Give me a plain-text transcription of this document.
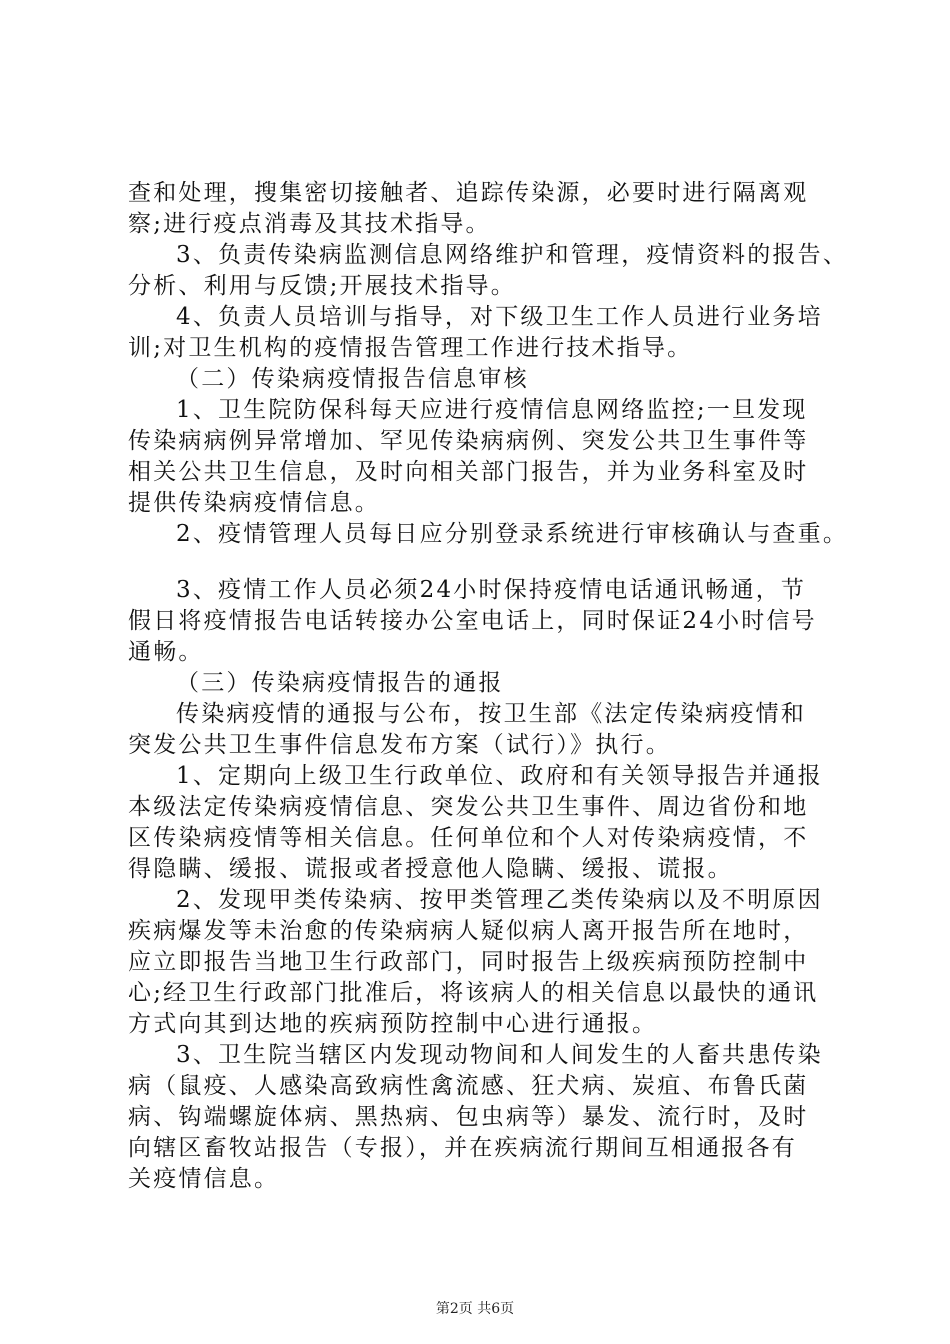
查和处理，搜集密切接触者、追踪传染源，必要时进行隔离观
察;进行疫点消毒及其技术指导。
3、负责传染病监测信息网络维护和管理，疫情资料的报告、
分析、利用与反馈;开展技术指导。
4、负责人员培训与指导，对下级卫生工作人员进行业务培
训;对卫生机构的疫情报告管理工作进行技术指导。
（二）传染病疫情报告信息审核
1、卫生院防保科每天应进行疫情信息网络监控;一旦发现
传染病病例异常增加、罕见传染病病例、突发公共卫生事件等
相关公共卫生信息，及时向相关部门报告，并为业务科室及时
提供传染病疫情信息。
2、疫情管理人员每日应分别登录系统进行审核确认与查重。
3、疫情工作人员必须24小时保持疫情电话通讯畅通，节
假日将疫情报告电话转接办公室电话上，同时保证24小时信号
通畅。
（三）传染病疫情报告的通报
传染病疫情的通报与公布，按卫生部《法定传染病疫情和
突发公共卫生事件信息发布方案（试行）》执行。
1、定期向上级卫生行政单位、政府和有关领导报告并通报
本级法定传染病疫情信息、突发公共卫生事件、周边省份和地
区传染病疫情等相关信息。任何单位和个人对传染病疫情，不
得隐瞒、缓报、谎报或者授意他人隐瞒、缓报、谎报。
2、发现甲类传染病、按甲类管理乙类传染病以及不明原因
疾病爆发等未治愈的传染病病人疑似病人离开报告所在地时，
应立即报告当地卫生行政部门，同时报告上级疾病预防控制中
心;经卫生行政部门批准后，将该病人的相关信息以最快的通讯
方式向其到达地的疾病预防控制中心进行通报。
3、卫生院当辖区内发现动物间和人间发生的人畜共患传染
病（鼠疫、人感染高致病性禽流感、狂犬病、炭疽、布鲁氏菌
病、钩端螺旋体病、黑热病、包虫病等）暴发、流行时，及时
向辖区畜牧站报告（专报），并在疾病流行期间互相通报各有
关疫情信息。
第2页 共6页
